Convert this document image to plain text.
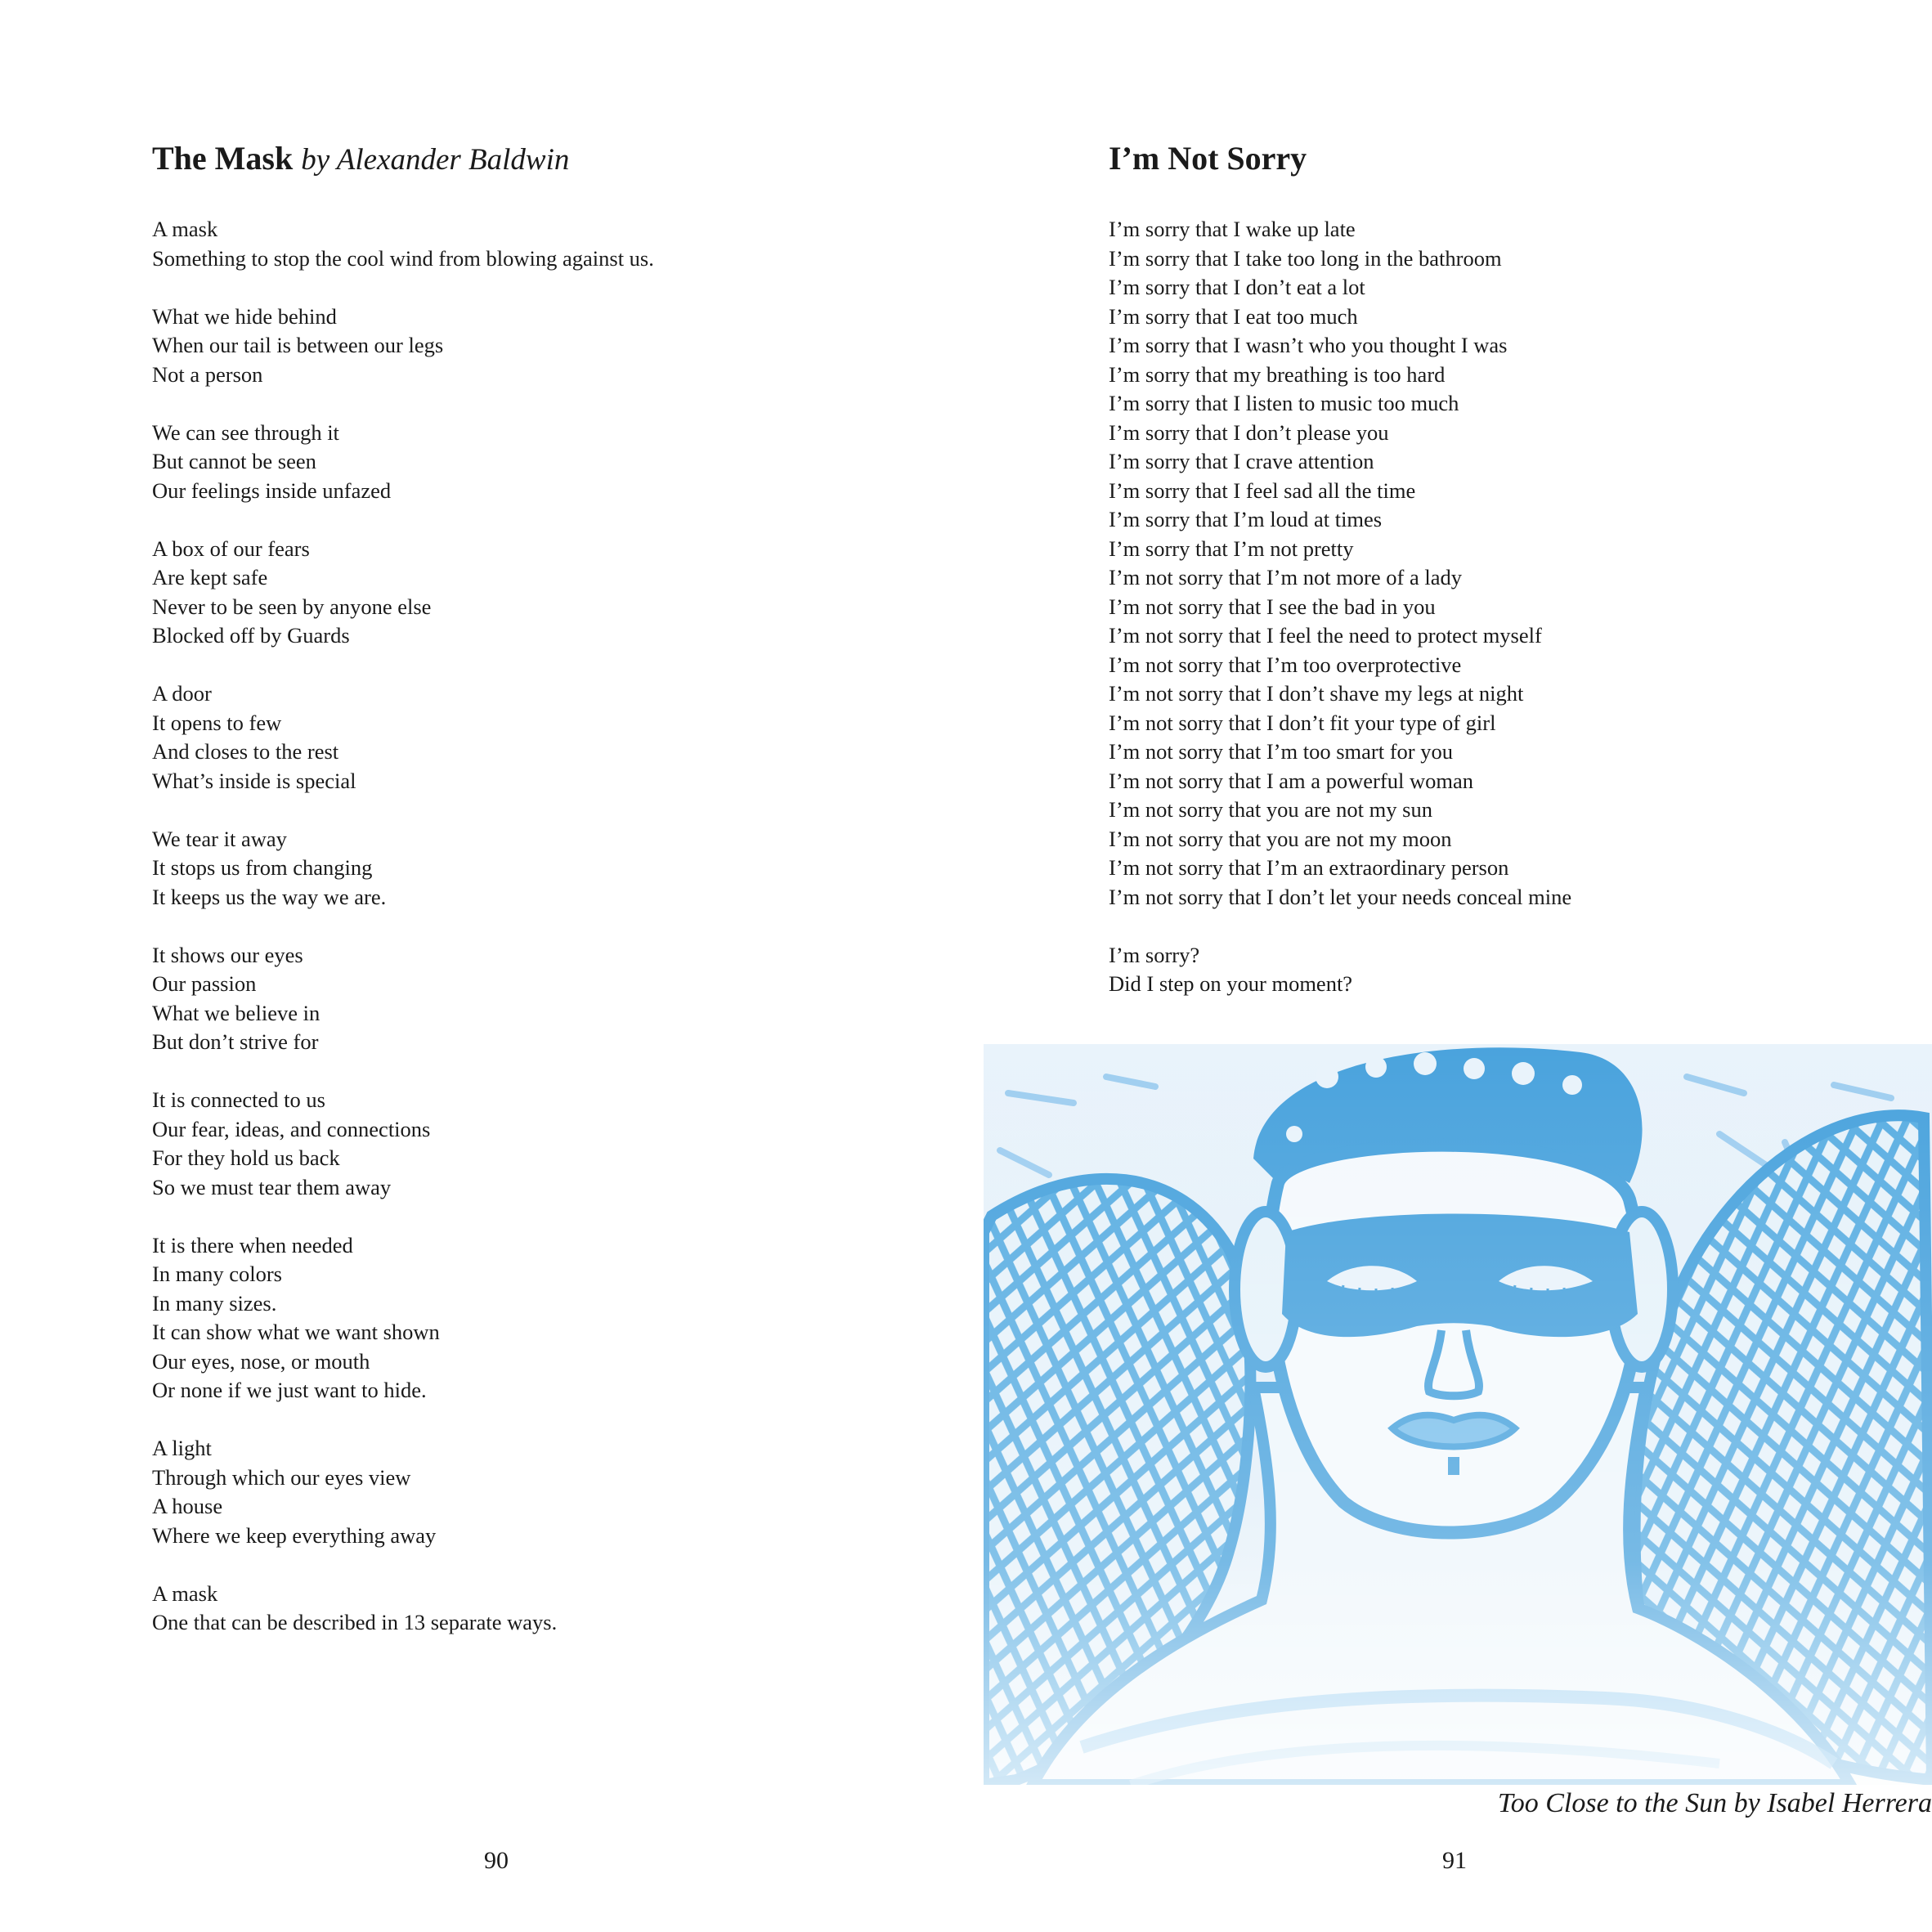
The Mask by Alexander Baldwin

A mask
Something to stop the cool wind from blowing against us.

What we hide behind
When our tail is between our legs
Not a person

We can see through it
But cannot be seen
Our feelings inside unfazed

A box of our fears
Are kept safe
Never to be seen by anyone else
Blocked off by Guards

A door
It opens to few
And closes to the rest
What’s inside is special

We tear it away
It stops us from changing
It keeps us the way we are.

It shows our eyes
Our passion
What we believe in
But don’t strive for

It is connected to us
Our fear, ideas, and connections
For they hold us back
So we must tear them away

It is there when needed
In many colors
In many sizes.
It can show what we want shown
Our eyes, nose, or mouth
Or none if we just want to hide.

A light
Through which our eyes view
A house
Where we keep everything away

A mask
One that can be described in 13 separate ways.

90
I’m Not Sorry

I’m sorry that I wake up late
I’m sorry that I take too long in the bathroom
I’m sorry that I don’t eat a lot
I’m sorry that I eat too much
I’m sorry that I wasn’t who you thought I was
I’m sorry that my breathing is too hard
I’m sorry that I listen to music too much
I’m sorry that I don’t please you
I’m sorry that I crave attention
I’m sorry that I feel sad all the time
I’m sorry that I’m loud at times
I’m sorry that I’m not pretty
I’m not sorry that I’m not more of a lady
I’m not sorry that I see the bad in you
I’m not sorry that I feel the need to protect myself
I’m not sorry that I’m too overprotective
I’m not sorry that I don’t shave my legs at night
I’m not sorry that I don’t fit your type of girl
I’m not sorry that I’m too smart for you
I’m not sorry that I am a powerful woman
I’m not sorry that you are not my sun
I’m not sorry that you are not my moon
I’m not sorry that I’m an extraordinary person
I’m not sorry that I don’t let your needs conceal mine

I’m sorry?
Did I step on your moment?

Too Close to the Sun by Isabel Herrera
91
